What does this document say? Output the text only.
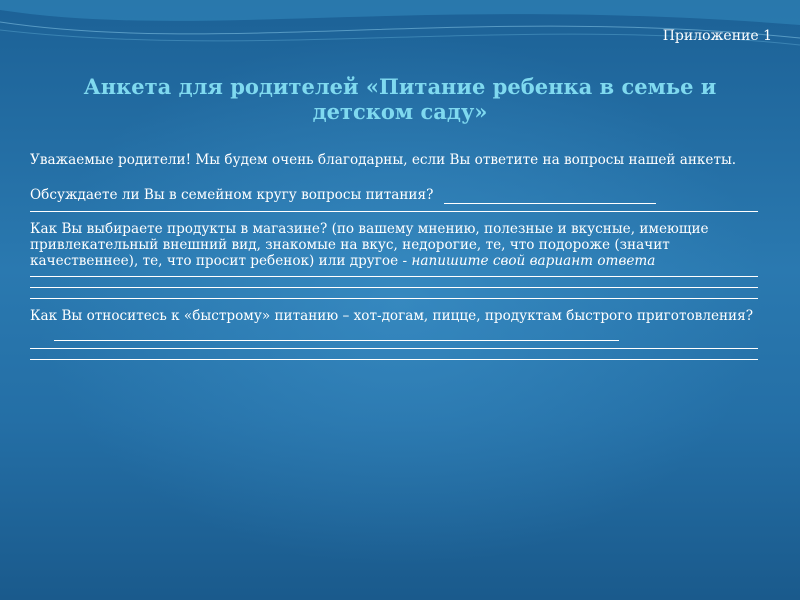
Приложение 1
Анкета для родителей «Питание ребенка в семье и детском саду»

Уважаемые родители! Мы будем очень благодарны, если Вы ответите на вопросы нашей анкеты.

Обсуждаете ли Вы в семейном кругу вопросы питания?
Как Вы выбираете продукты в магазине? (по вашему мнению, полезные и вкусные, имеющие привлекательный внешний вид, знакомые на вкус, недорогие, те, что подороже (значит качественнее), те, что просит ребенок) или другое - напишите свой вариант ответа
Как Вы относитесь к «быстрому» питанию – хот-догам, пицце, продуктам быстрого приготовления?
